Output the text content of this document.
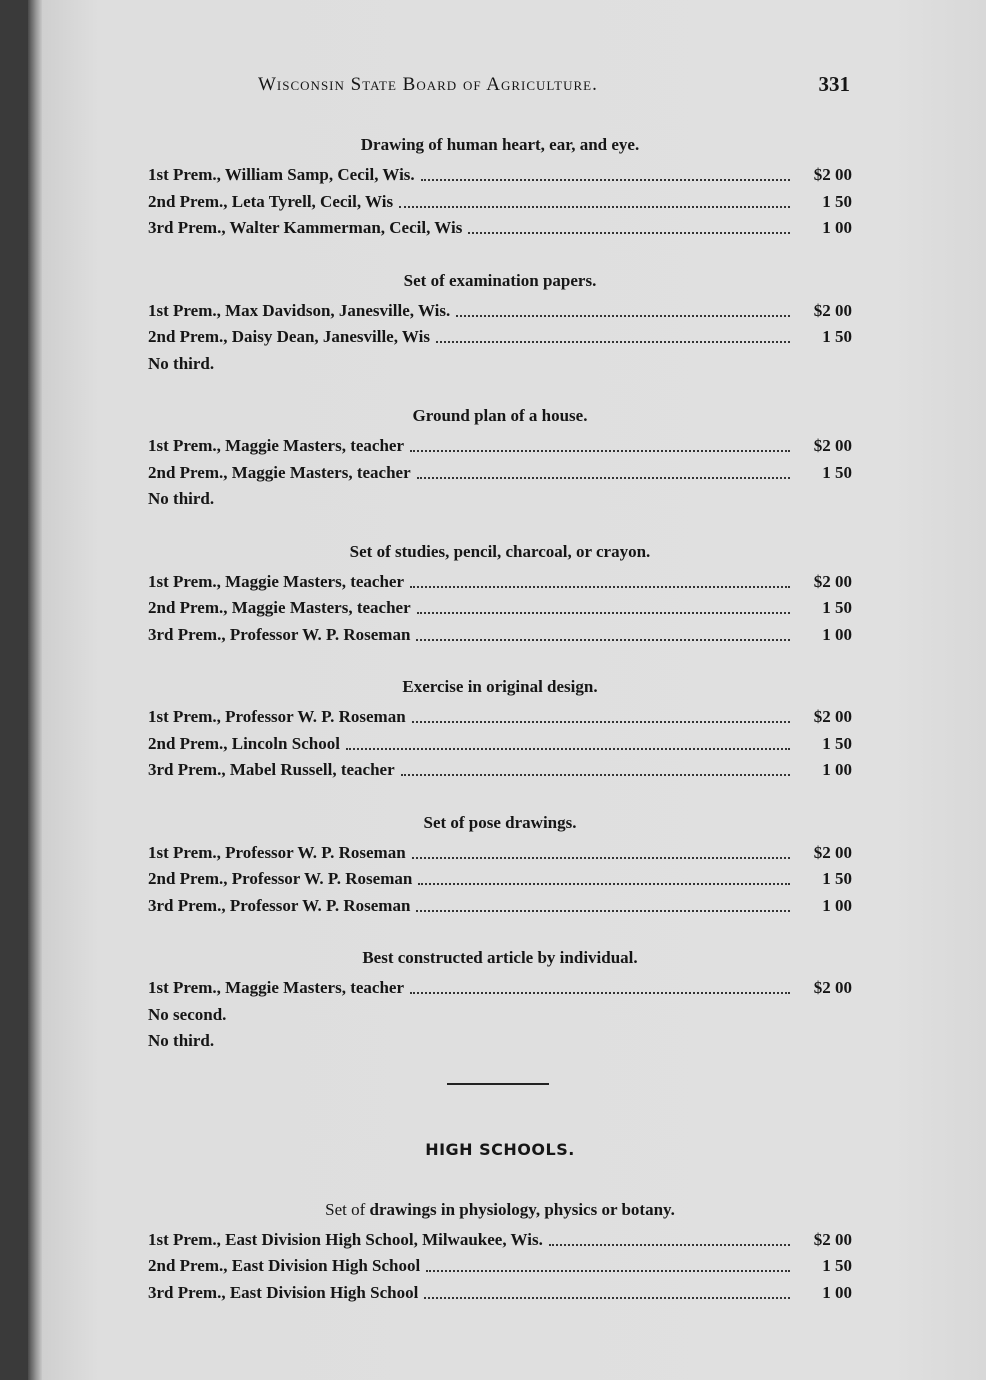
Wisconsin State Board of Agriculture.	331
Drawing of human heart, ear, and eye.
1st Prem., William Samp, Cecil, Wis.	$2 00
2nd Prem., Leta Tyrell, Cecil, Wis	1 50
3rd Prem., Walter Kammerman, Cecil, Wis	1 00
Set of examination papers.
1st Prem., Max Davidson, Janesville, Wis.	$2 00
2nd Prem., Daisy Dean, Janesville, Wis	1 50
No third.
Ground plan of a house.
1st Prem., Maggie Masters, teacher	$2 00
2nd Prem., Maggie Masters, teacher	1 50
No third.
Set of studies, pencil, charcoal, or crayon.
1st Prem., Maggie Masters, teacher	$2 00
2nd Prem., Maggie Masters, teacher	1 50
3rd Prem., Professor W. P. Roseman	1 00
Exercise in original design.
1st Prem., Professor W. P. Roseman	$2 00
2nd Prem., Lincoln School	1 50
3rd Prem., Mabel Russell, teacher	1 00
Set of pose drawings.
1st Prem., Professor W. P. Roseman	$2 00
2nd Prem., Professor W. P. Roseman	1 50
3rd Prem., Professor W. P. Roseman	1 00
Best constructed article by individual.
1st Prem., Maggie Masters, teacher	$2 00
No second.
No third.
HIGH SCHOOLS.
Set of drawings in physiology, physics or botany.
1st Prem., East Division High School, Milwaukee, Wis.	$2 00
2nd Prem., East Division High School	1 50
3rd Prem., East Division High School	1 00
